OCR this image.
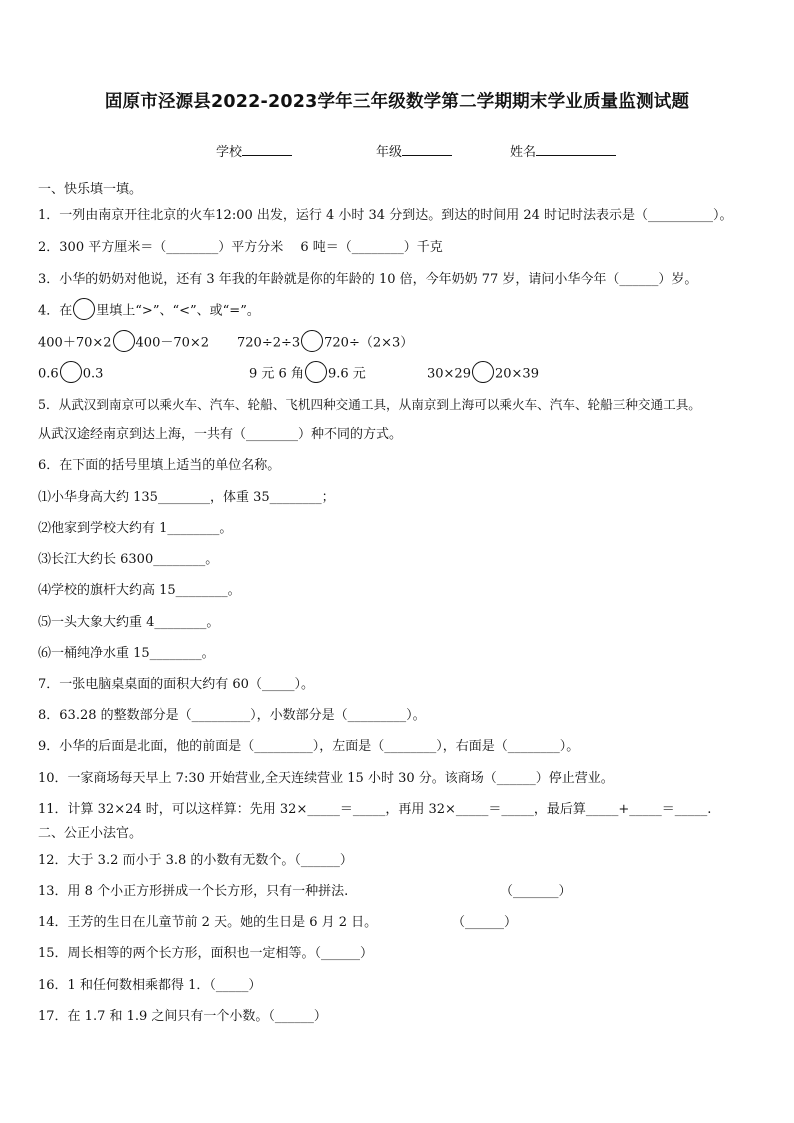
固原市泾源县2022-2023学年三年级数学第二学期期末学业质量监测试题
学校	年级	姓名
一、快乐填一填。
1．一列由南京开往北京的火车12:00 出发，运行 4 小时 34 分到达。到达的时间用 24 时记时法表示是（__________）。
2．300 平方厘米＝（________）平方分米　 6 吨＝（________）千克
3．小华的奶奶对他说，还有 3 年我的年龄就是你的年龄的 10 倍，今年奶奶 77 岁，请问小华今年（______）岁。
4．在 里填上“>”、“<”、或“=”。
400＋70×2 400－70×2 720÷2÷3 720÷（2×3）
0.6 0.3	9 元 6 角 9.6 元	30×29 20×39
5．从武汉到南京可以乘火车、汽车、轮船、飞机四种交通工具，从南京到上海可以乘火车、汽车、轮船三种交通工具。
从武汉途经南京到达上海，一共有（________）种不同的方式。
6．在下面的括号里填上适当的单位名称。
⑴小华身高大约 135________，体重 35________；
⑵他家到学校大约有 1________。
⑶长江大约长 6300________。
⑷学校的旗杆大约高 15________。
⑸一头大象大约重 4________。
⑹一桶纯净水重 15________。
7．一张电脑桌桌面的面积大约有 60（_____）。
8．63.28 的整数部分是（_________），小数部分是（_________）。
9．小华的后面是北面，他的前面是（_________），左面是（________），右面是（________）。
10．一家商场每天早上 7:30 开始营业,全天连续营业 15 小时 30 分。该商场（______）停止营业。
11．计算 32×24 时，可以这样算：先用 32×_____＝_____，再用 32×_____＝_____，最后算_____+_____＝_____.
二、公正小法官。
12．大于 3.2 而小于 3.8 的小数有无数个。（______）
13．用 8 个小正方形拼成一个长方形，只有一种拼法.	（_______）
14．王芳的生日在儿童节前 2 天。她的生日是 6 月 2 日。	（______）
15．周长相等的两个长方形，面积也一定相等。（______）
16．1 和任何数相乘都得 1．（_____）
17．在 1.7 和 1.9 之间只有一个小数。（______）
